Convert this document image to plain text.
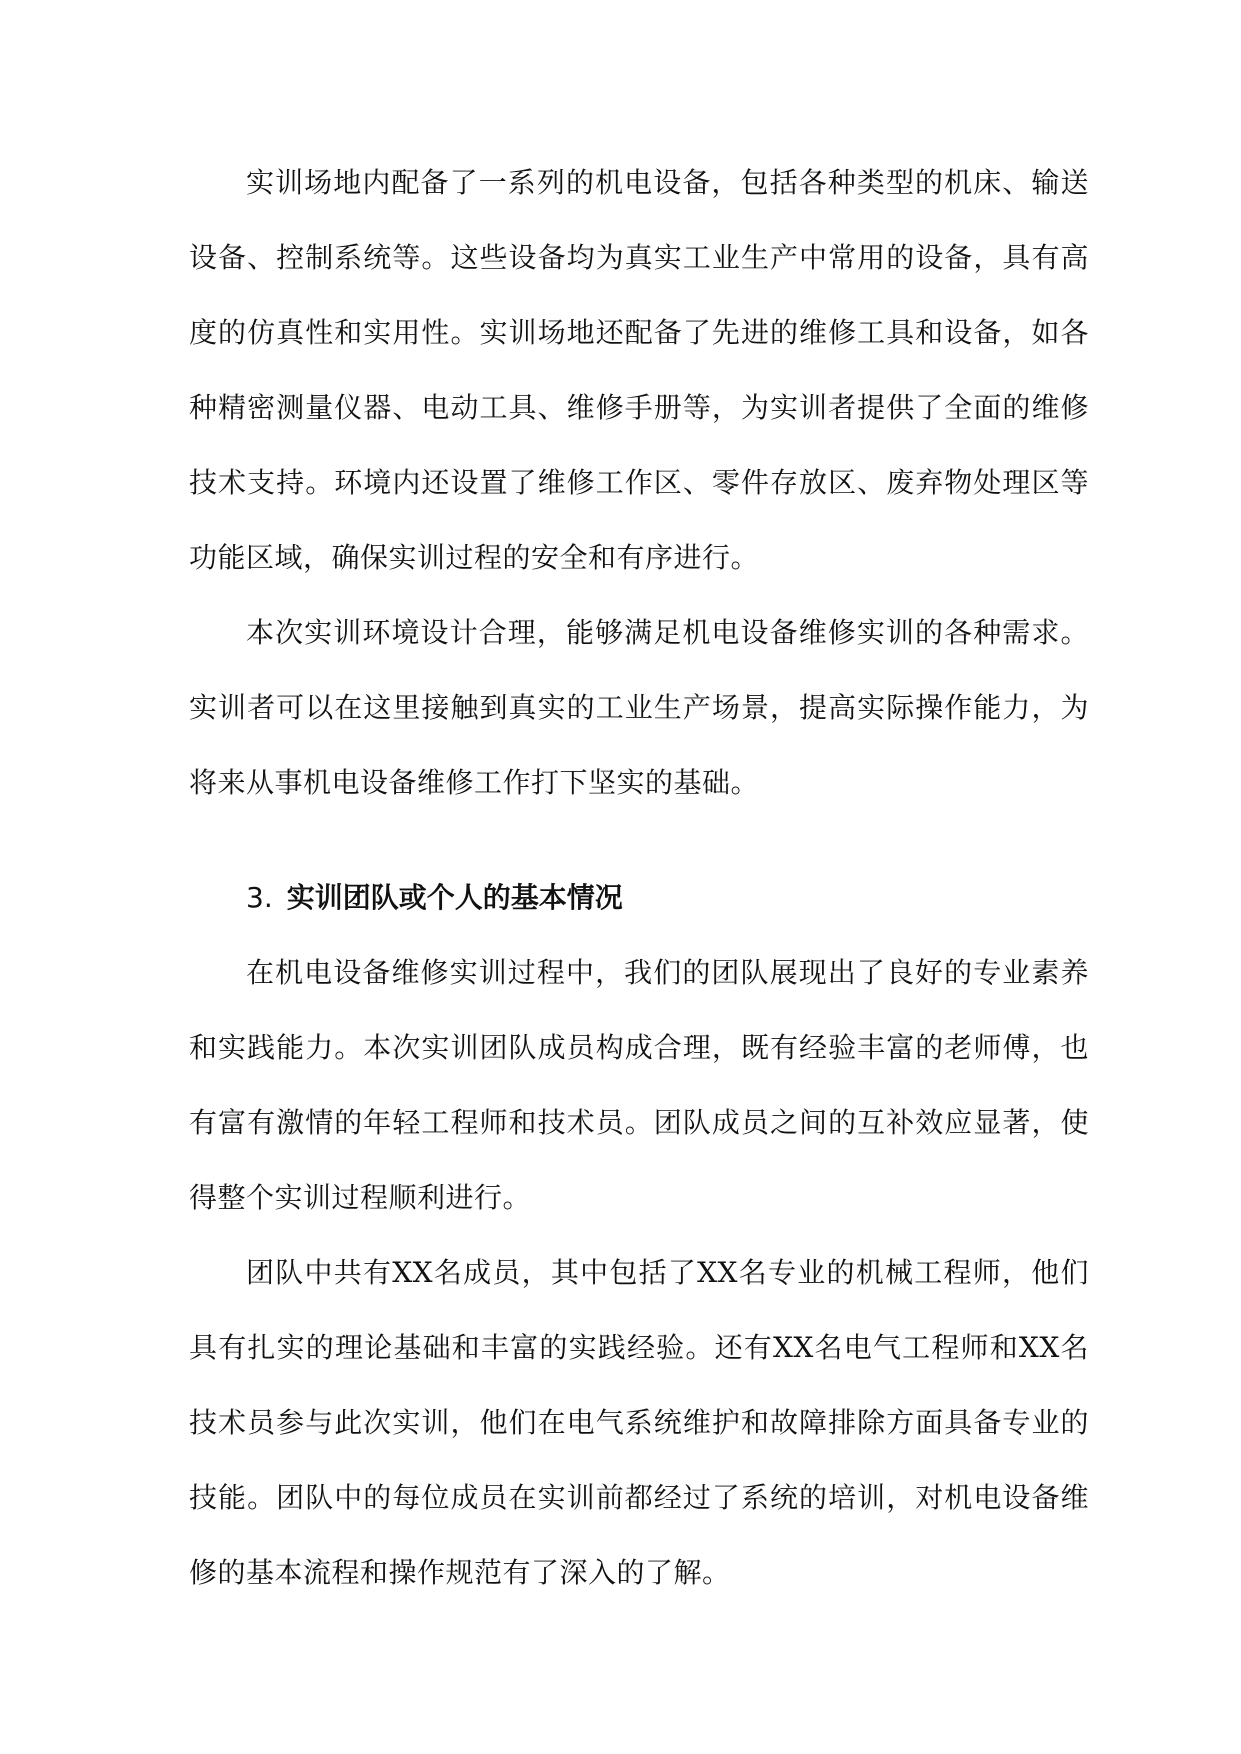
实训场地内配备了一系列的机电设备，包括各种类型的机床、输送设备、控制系统等。这些设备均为真实工业生产中常用的设备，具有高度的仿真性和实用性。实训场地还配备了先进的维修工具和设备，如各种精密测量仪器、电动工具、维修手册等，为实训者提供了全面的维修技术支持。环境内还设置了维修工作区、零件存放区、废弃物处理区等功能区域，确保实训过程的安全和有序进行。

本次实训环境设计合理，能够满足机电设备维修实训的各种需求。实训者可以在这里接触到真实的工业生产场景，提高实际操作能力，为将来从事机电设备维修工作打下坚实的基础。

3. 实训团队或个人的基本情况

在机电设备维修实训过程中，我们的团队展现出了良好的专业素养和实践能力。本次实训团队成员构成合理，既有经验丰富的老师傅，也有富有激情的年轻工程师和技术员。团队成员之间的互补效应显著，使得整个实训过程顺利进行。

团队中共有XX名成员，其中包括了XX名专业的机械工程师，他们具有扎实的理论基础和丰富的实践经验。还有XX名电气工程师和XX名技术员参与此次实训，他们在电气系统维护和故障排除方面具备专业的技能。团队中的每位成员在实训前都经过了系统的培训，对机电设备维修的基本流程和操作规范有了深入的了解。
